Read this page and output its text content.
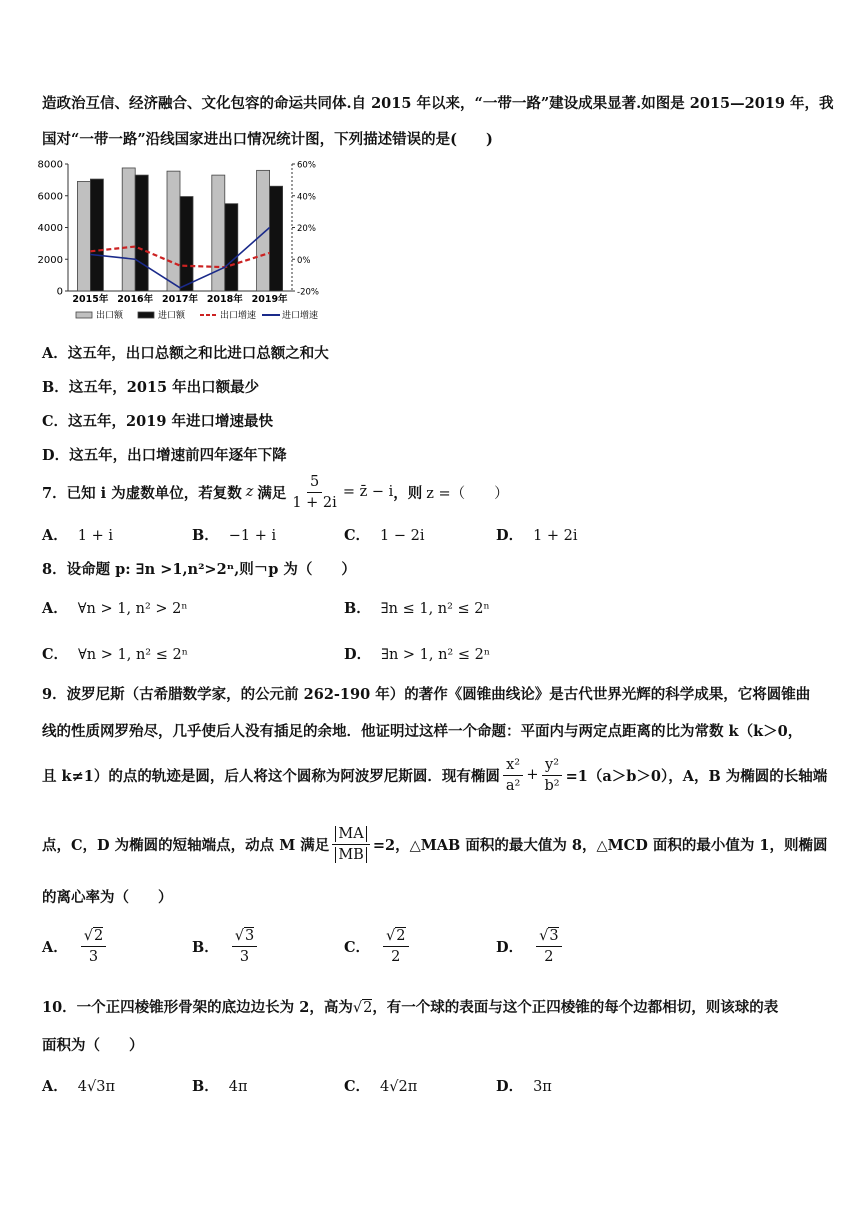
造政治互信、经济融合、文化包容的命运共同体.自 2015 年以来，“一带一路”建设成果显著.如图是 2015—2019 年，我
国对“一带一路”沿线国家进出口情况统计图，下列描述错误的是(　　)
0
2000
4000
6000
8000
-20%
0%
20%
40%
60%
2015年 2016年 2017年 2018年 2019年
出口额	进口额	出口增速	进口增速
A．这五年，出口总额之和比进口总额之和大
B．这五年，2015 年出口额最少
C．这五年，2019 年进口增速最快
D．这五年，出口增速前四年逐年下降
7．已知 i 为虚数单位，若复数 z 满足 $\frac{5}{1 + 2i}$ = z̄ − i ，则 z =（　　）
A． 1 + i	B． −1 + i	C． 1 − 2i	D． 1 + 2i
8．设命题 p: ∃n >1,n²>2ⁿ,则￢p 为（　　）
A． ∀n > 1, n² > 2ⁿ	B． ∃n ≤ 1, n² ≤ 2ⁿ
C． ∀n > 1, n² ≤ 2ⁿ	D． ∃n > 1, n² ≤ 2ⁿ
9．波罗尼斯（古希腊数学家，的公元前 262-190 年）的著作《圆锥曲线论》是古代世界光辉的科学成果，它将圆锥曲
线的性质网罗殆尽，几乎使后人没有插足的余地．他证明过这样一个命题：平面内与两定点距离的比为常数 k（k＞0，
且 k≠1）的点的轨迹是圆，后人将这个圆称为阿波罗尼斯圆．现有椭圆 $\frac{\text{x²}}{\text{a²}} + \frac{\text{y²}}{\text{b²}} =1(a>b>0)$，A，B 为椭圆的长轴端
点，C，D 为椭圆的短轴端点，动点 M 满足 $\frac{MA}{MB} =2$，△MAB 面积的最大值为 8，△MCD 面积的最小值为 1，则椭圆
的离心率为（　　）
A． $\frac{√2}{3}$	B． $\frac{√3}{3}$	C． $\frac{√2}{2}$	D． $\frac{√3}{2}$
10．一个正四棱锥形骨架的底边边长为 2，高为√2，有一个球的表面与这个正四棱锥的每个边都相切，则该球的表
面积为（　　）
A． 4√3π	B． 4π	C． 4√2π	D． 3π
